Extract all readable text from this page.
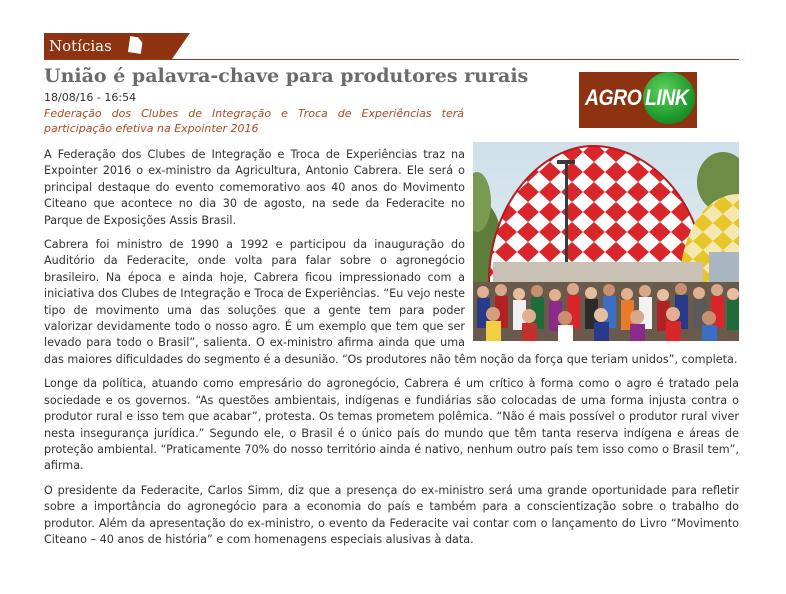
Notícias
União é palavra-chave para produtores rurais
18/08/16 - 16:54
Federação dos Clubes de Integração e Troca de Experiências terá participação efetiva na Expointer 2016
AGRO LINK

A Federação dos Clubes de Integração e Troca de Experiências traz na Expointer 2016 o ex-ministro da Agricultura, Antonio Cabrera. Ele será o principal destaque do evento comemorativo aos 40 anos do Movimento Citeano que acontece no dia 30 de agosto, na sede da Federacite no Parque de Exposições Assis Brasil.

Cabrera foi ministro de 1990 a 1992 e participou da inauguração do Auditório da Federacite, onde volta para falar sobre o agronegócio brasileiro. Na época e ainda hoje, Cabrera ficou impressionado com a iniciativa dos Clubes de Integração e Troca de Experiências. “Eu vejo neste tipo de movimento uma das soluções que a gente tem para poder valorizar devidamente todo o nosso agro. É um exemplo que tem que ser levado para todo o Brasil”, salienta. O ex-ministro afirma ainda que uma das maiores dificuldades do segmento é a desunião. “Os produtores não têm noção da força que teriam unidos”, completa.

Longe da política, atuando como empresário do agronegócio, Cabrera é um crítico à forma como o agro é tratado pela sociedade e os governos. “As questões ambientais, indígenas e fundiárias são colocadas de uma forma injusta contra o produtor rural e isso tem que acabar”, protesta. Os temas prometem polêmica. “Não é mais possível o produtor rural viver nesta insegurança jurídica.” Segundo ele, o Brasil é o único país do mundo que têm tanta reserva indígena e áreas de proteção ambiental. “Praticamente 70% do nosso território ainda é nativo, nenhum outro país tem isso como o Brasil tem”, afirma.

O presidente da Federacite, Carlos Simm, diz que a presença do ex-ministro será uma grande oportunidade para refletir sobre a importância do agronegócio para a economia do país e também para a conscientização sobre o trabalho do produtor. Além da apresentação do ex-ministro, o evento da Federacite vai contar com o lançamento do Livro “Movimento Citeano – 40 anos de história” e com homenagens especiais alusivas à data.
